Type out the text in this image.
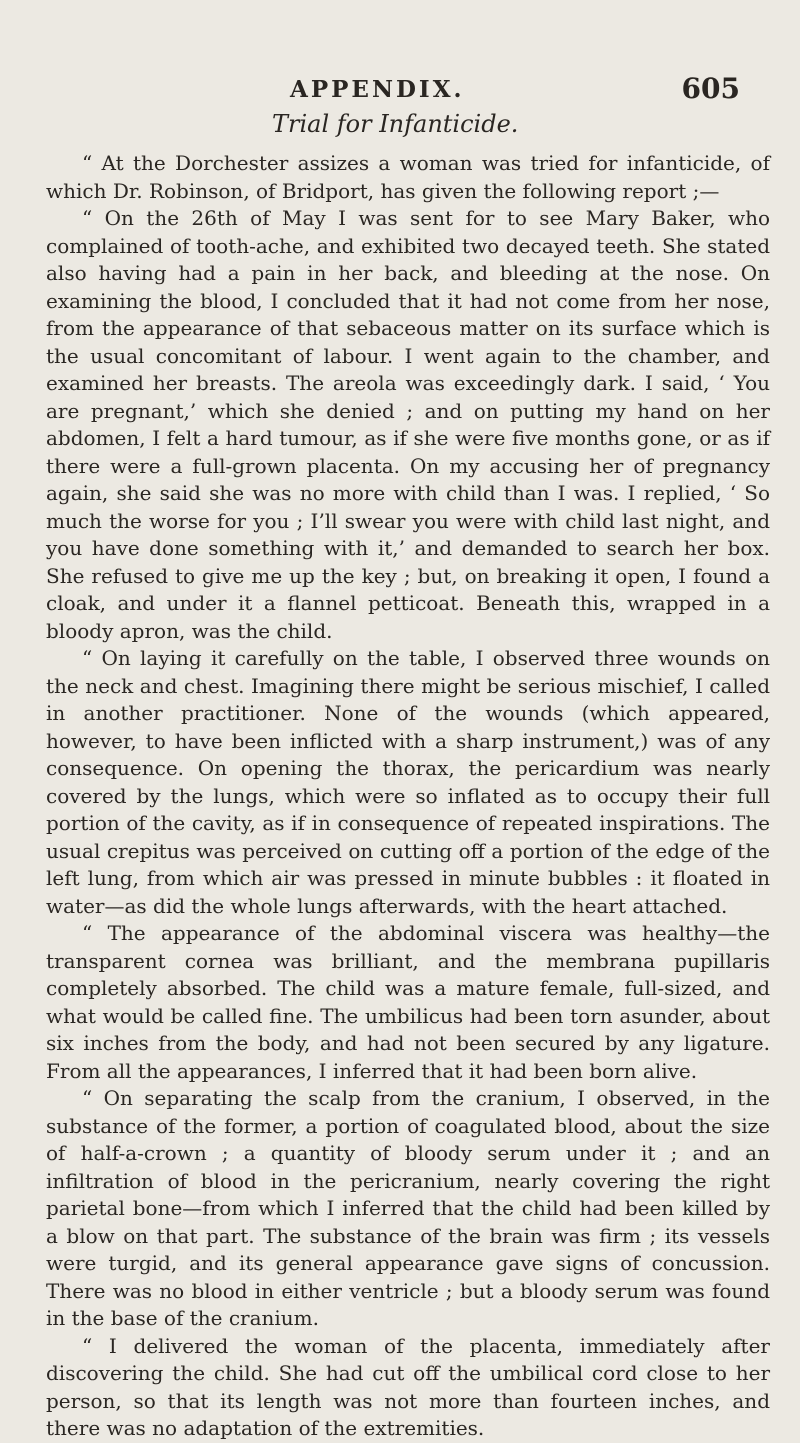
APPENDIX.	605
Trial for Infanticide.

“ At the Dorchester assizes a woman was tried for infanticide, of which Dr. Robinson, of Bridport, has given the following report ;—

“ On the 26th of May I was sent for to see Mary Baker, who complained of tooth-ache, and exhibited two decayed teeth. She stated also having had a pain in her back, and bleeding at the nose. On examining the blood, I concluded that it had not come from her nose, from the appearance of that sebaceous matter on its surface which is the usual concomitant of labour. I went again to the chamber, and examined her breasts. The areola was exceedingly dark. I said, ‘ You are pregnant,’ which she denied ; and on putting my hand on her abdomen, I felt a hard tumour, as if she were five months gone, or as if there were a full-grown placenta. On my accusing her of pregnancy again, she said she was no more with child than I was. I replied, ‘ So much the worse for you ; I’ll swear you were with child last night, and you have done something with it,’ and demanded to search her box. She refused to give me up the key ; but, on breaking it open, I found a cloak, and under it a flannel petticoat. Beneath this, wrapped in a bloody apron, was the child.

“ On laying it carefully on the table, I observed three wounds on the neck and chest. Imagining there might be serious mischief, I called in another practitioner. None of the wounds (which appeared, however, to have been inflicted with a sharp instrument,) was of any consequence. On opening the thorax, the pericardium was nearly covered by the lungs, which were so inflated as to occupy their full portion of the cavity, as if in consequence of repeated inspirations. The usual crepitus was perceived on cutting off a portion of the edge of the left lung, from which air was pressed in minute bubbles : it floated in water—as did the whole lungs afterwards, with the heart attached.

“ The appearance of the abdominal viscera was healthy—the transparent cornea was brilliant, and the membrana pupillaris completely absorbed. The child was a mature female, full-sized, and what would be called fine. The umbilicus had been torn asunder, about six inches from the body, and had not been secured by any ligature. From all the appearances, I inferred that it had been born alive.

“ On separating the scalp from the cranium, I observed, in the substance of the former, a portion of coagulated blood, about the size of half-a-crown ; a quantity of bloody serum under it ; and an infiltration of blood in the pericranium, nearly covering the right parietal bone—from which I inferred that the child had been killed by a blow on that part. The substance of the brain was firm ; its vessels were turgid, and its general appearance gave signs of concussion. There was no blood in either ventricle ; but a bloody serum was found in the base of the cranium.

“ I delivered the woman of the placenta, immediately after discovering the child. She had cut off the umbilical cord close to her person, so that its length was not more than fourteen inches, and there was no adaptation of the extremities.
